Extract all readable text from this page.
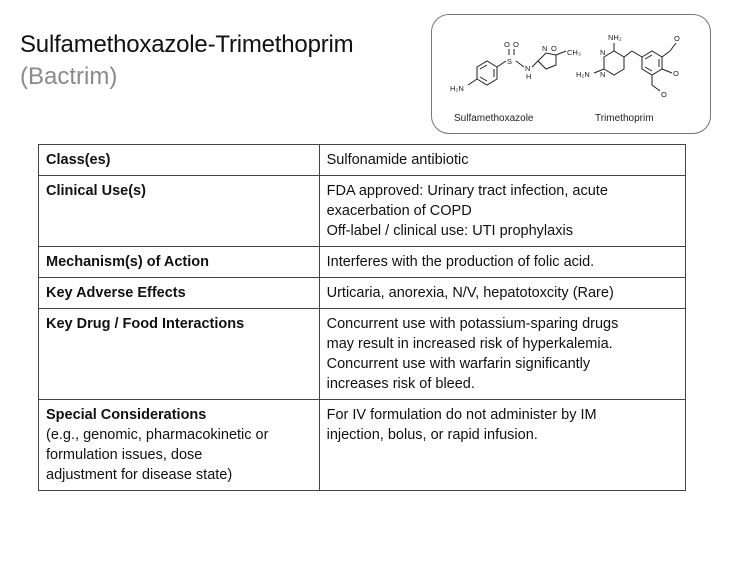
Sulfamethoxazole-Trimethoprim
(Bactrim)	H₂N
S
O O
N
H
N O CH₃
NH₂
H₂N
N
N
O
O
O
Sulfamethoxazole	Trimethoprim
Class(es)	Sulfonamide antibiotic

Clinical Use(s)	FDA approved: Urinary tract infection, acute
exacerbation of COPD
Off-label / clinical use: UTI prophylaxis

Mechanism(s) of Action	Interferes with the production of folic acid.

Key Adverse Effects	Urticaria, anorexia, N/V, hepatotoxcity (Rare)

Key Drug / Food Interactions	Concurrent use with potassium-sparing drugs
may result in increased risk of hyperkalemia.
Concurrent use with warfarin significantly
increases risk of bleed.

Special Considerations
(e.g., genomic, pharmacokinetic or
formulation issues, dose
adjustment for disease state)	For IV formulation do not administer by IM
injection, bolus, or rapid infusion.
